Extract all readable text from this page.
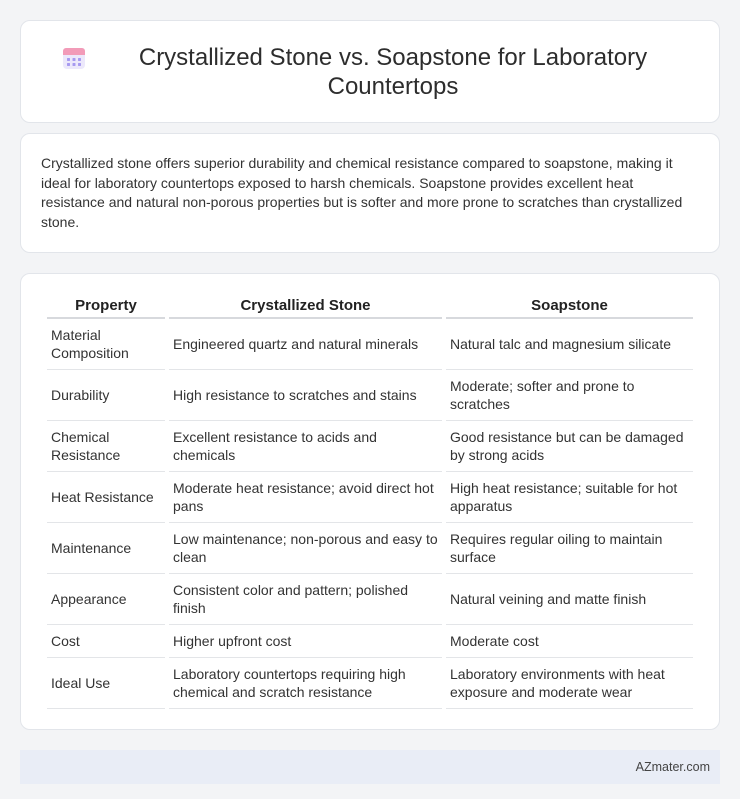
Crystallized Stone vs. Soapstone for Laboratory Countertops

Crystallized stone offers superior durability and chemical resistance compared to soapstone, making it ideal for laboratory countertops exposed to harsh chemicals. Soapstone provides excellent heat resistance and natural non-porous properties but is softer and more prone to scratches than crystallized stone.

Property	Crystallized Stone	Soapstone
Material Composition	Engineered quartz and natural minerals	Natural talc and magnesium silicate
Durability	High resistance to scratches and stains	Moderate; softer and prone to scratches
Chemical Resistance	Excellent resistance to acids and chemicals	Good resistance but can be damaged by strong acids
Heat Resistance	Moderate heat resistance; avoid direct hot pans	High heat resistance; suitable for hot apparatus
Maintenance	Low maintenance; non-porous and easy to clean	Requires regular oiling to maintain surface
Appearance	Consistent color and pattern; polished finish	Natural veining and matte finish
Cost	Higher upfront cost	Moderate cost
Ideal Use	Laboratory countertops requiring high chemical and scratch resistance	Laboratory environments with heat exposure and moderate wear
AZmater.com
